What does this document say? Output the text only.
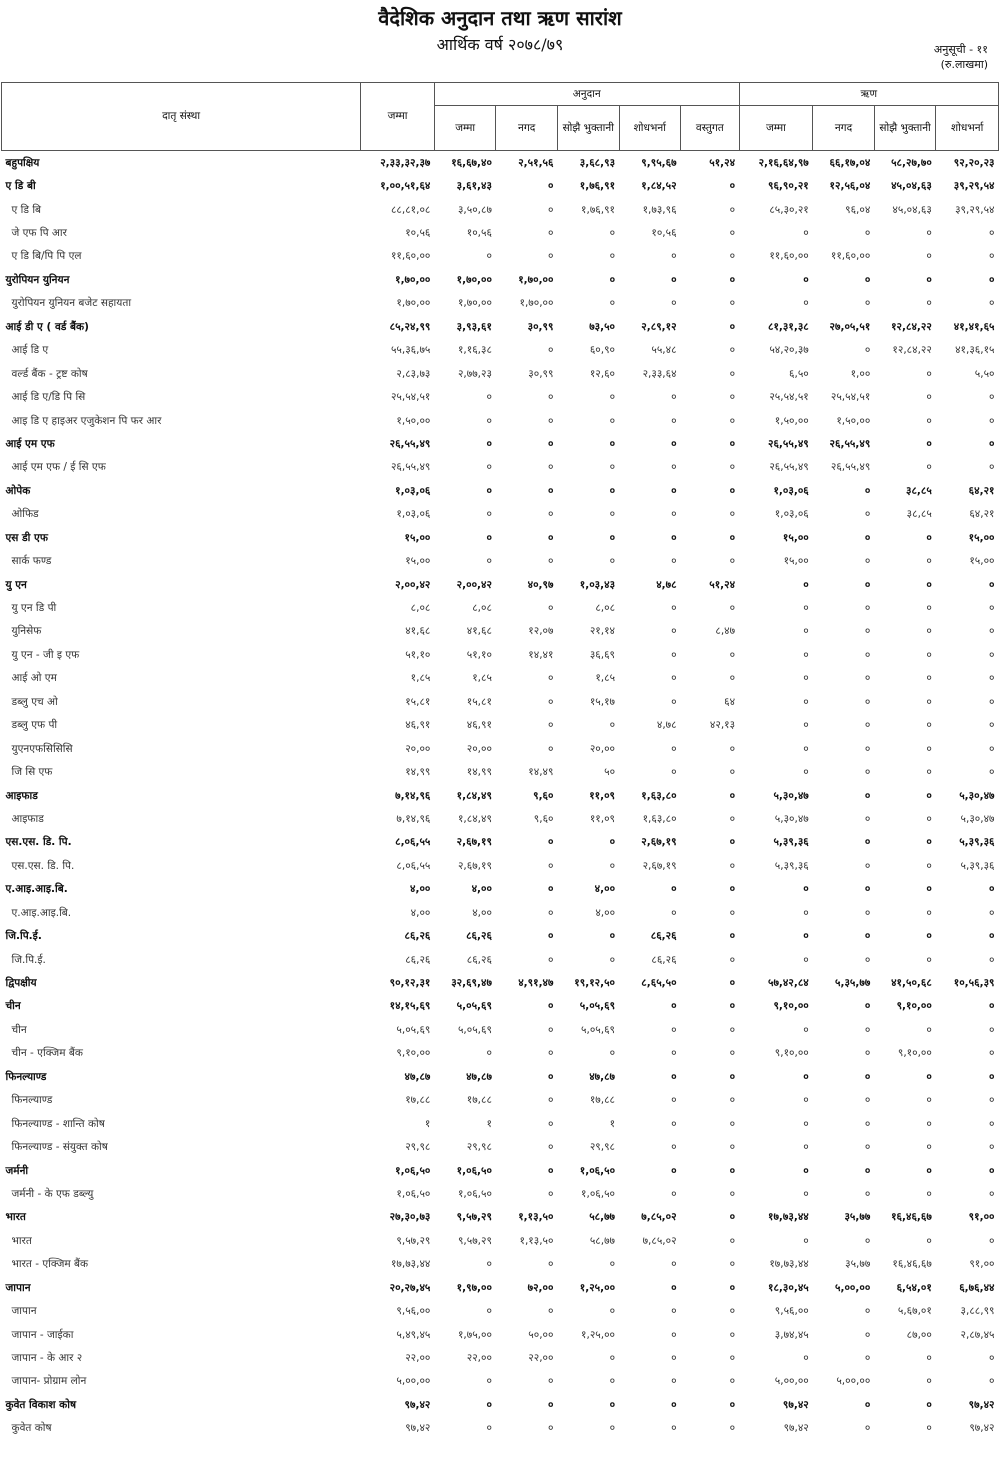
वैदेशिक अनुदान तथा ऋण सारांश
आर्थिक वर्ष २०७८/७९	अनुसूची - ११
(रु.लाखमा)
दातृ संस्था	जम्मा	अनुदान					ऋण			
		जम्मा	नगद	सोझै भुक्तानी	शोधभर्ना	वस्तुगत	जम्मा	नगद	सोझै भुक्तानी	शोधभर्ना
बहुपक्षिय	२,३३,३२,३७	१६,६७,४०	२,५१,५६	३,६८,९३	९,९५,६७	५१,२४	२,१६,६४,९७	६६,१७,०४	५८,२७,७०	९२,२०,२३
ए डि बी	१,००,५१,६४	३,६१,४३	०	१,७६,९१	१,८४,५२	०	९६,९०,२१	१२,५६,०४	४५,०४,६३	३९,२९,५४
ए डि बि	८८,८१,०८	३,५०,८७	०	१,७६,९१	१,७३,९६	०	८५,३०,२१	९६,०४	४५,०४,६३	३९,२९,५४
जे एफ पि आर	१०,५६	१०,५६	०	०	१०,५६	०	०	०	०	०
ए डि बि/पि पि एल	११,६०,००	०	०	०	०	०	११,६०,००	११,६०,००	०	०
युरोपियन युनियन	१,७०,००	१,७०,००	१,७०,००	०	०	०	०	०	०	०
युरोपियन युनियन बजेट सहायता	१,७०,००	१,७०,००	१,७०,००	०	०	०	०	०	०	०
आई डी ए ( वर्ड बैंक)	८५,२४,९९	३,९३,६१	३०,९९	७३,५०	२,८९,१२	०	८१,३१,३८	२७,०५,५१	१२,८४,२२	४१,४१,६५
आई डि ए	५५,३६,७५	१,१६,३८	०	६०,९०	५५,४८	०	५४,२०,३७	०	१२,८४,२२	४१,३६,१५
वर्ल्ड बैंक - ट्रष्ट कोष	२,८३,७३	२,७७,२३	३०,९९	१२,६०	२,३३,६४	०	६,५०	१,००	०	५,५०
आई डि ए/डि पि सि	२५,५४,५१	०	०	०	०	०	२५,५४,५१	२५,५४,५१	०	०
आइ डि ए हाइअर एजुकेशन पि फर आर	१,५०,००	०	०	०	०	०	१,५०,००	१,५०,००	०	०
आई एम एफ	२६,५५,४९	०	०	०	०	०	२६,५५,४९	२६,५५,४९	०	०
आई एम एफ / ई सि एफ	२६,५५,४९	०	०	०	०	०	२६,५५,४९	२६,५५,४९	०	०
ओपेक	१,०३,०६	०	०	०	०	०	१,०३,०६	०	३८,८५	६४,२१
ओफिड	१,०३,०६	०	०	०	०	०	१,०३,०६	०	३८,८५	६४,२१
एस डी एफ	१५,००	०	०	०	०	०	१५,००	०	०	१५,००
सार्क फण्ड	१५,००	०	०	०	०	०	१५,००	०	०	१५,००
यु एन	२,००,४२	२,००,४२	४०,९७	१,०३,४३	४,७८	५१,२४	०	०	०	०
यु एन डि पी	८,०८	८,०८	०	८,०८	०	०	०	०	०	०
युनिसेफ	४१,६८	४१,६८	१२,०७	२१,१४	०	८,४७	०	०	०	०
यु एन - जी इ एफ	५१,१०	५१,१०	१४,४१	३६,६९	०	०	०	०	०	०
आई ओ एम	१,८५	१,८५	०	१,८५	०	०	०	०	०	०
डब्लु एच ओ	१५,८१	१५,८१	०	१५,१७	०	६४	०	०	०	०
डब्लु एफ पी	४६,९१	४६,९१	०	०	४,७८	४२,१३	०	०	०	०
युएनएफसिसिसि	२०,००	२०,००	०	२०,००	०	०	०	०	०	०
जि सि एफ	१४,९९	१४,९९	१४,४९	५०	०	०	०	०	०	०
आइफाड	७,१४,९६	१,८४,४९	९,६०	११,०९	१,६३,८०	०	५,३०,४७	०	०	५,३०,४७
आइफाड	७,१४,९६	१,८४,४९	९,६०	११,०९	१,६३,८०	०	५,३०,४७	०	०	५,३०,४७
एस.एस. डि. पि.	८,०६,५५	२,६७,१९	०	०	२,६७,१९	०	५,३९,३६	०	०	५,३९,३६
एस.एस. डि. पि.	८,०६,५५	२,६७,१९	०	०	२,६७,१९	०	५,३९,३६	०	०	५,३९,३६
ए.आइ.आइ.बि.	४,००	४,००	०	४,००	०	०	०	०	०	०
ए.आइ.आइ.बि.	४,००	४,००	०	४,००	०	०	०	०	०	०
जि.पि.ई.	८६,२६	८६,२६	०	०	८६,२६	०	०	०	०	०
जि.पि.ई.	८६,२६	८६,२६	०	०	८६,२६	०	०	०	०	०
द्विपक्षीय	९०,१२,३१	३२,६९,४७	४,९१,४७	१९,१२,५०	८,६५,५०	०	५७,४२,८४	५,३५,७७	४१,५०,६८	१०,५६,३९
चीन	१४,१५,६९	५,०५,६९	०	५,०५,६९	०	०	९,१०,००	०	९,१०,००	०
चीन	५,०५,६९	५,०५,६९	०	५,०५,६९	०	०	०	०	०	०
चीन - एक्जिम बैंक	९,१०,००	०	०	०	०	०	९,१०,००	०	९,१०,००	०
फिनल्याण्ड	४७,८७	४७,८७	०	४७,८७	०	०	०	०	०	०
फिनल्याण्ड	१७,८८	१७,८८	०	१७,८८	०	०	०	०	०	०
फिनल्याण्ड - शान्ति कोष	१	१	०	१	०	०	०	०	०	०
फिनल्याण्ड - संयुक्त कोष	२९,९८	२९,९८	०	२९,९८	०	०	०	०	०	०
जर्मनी	१,०६,५०	१,०६,५०	०	१,०६,५०	०	०	०	०	०	०
जर्मनी - के एफ डब्ल्यु	१,०६,५०	१,०६,५०	०	१,०६,५०	०	०	०	०	०	०
भारत	२७,३०,७३	९,५७,२९	१,१३,५०	५८,७७	७,८५,०२	०	१७,७३,४४	३५,७७	१६,४६,६७	९१,००
भारत	९,५७,२९	९,५७,२९	१,१३,५०	५८,७७	७,८५,०२	०	०	०	०	०
भारत - एक्जिम बैंक	१७,७३,४४	०	०	०	०	०	१७,७३,४४	३५,७७	१६,४६,६७	९१,००
जापान	२०,२७,४५	१,९७,००	७२,००	१,२५,००	०	०	१८,३०,४५	५,००,००	६,५४,०१	६,७६,४४
जापान	९,५६,००	०	०	०	०	०	९,५६,००	०	५,६७,०१	३,८८,९९
जापान - जाईका	५,४९,४५	१,७५,००	५०,००	१,२५,००	०	०	३,७४,४५	०	८७,००	२,८७,४५
जापान - के आर २	२२,००	२२,००	२२,००	०	०	०	०	०	०	०
जापान- प्रोग्राम लोन	५,००,००	०	०	०	०	०	५,००,००	५,००,००	०	०
कुवेत विकाश कोष	९७,४२	०	०	०	०	०	९७,४२	०	०	९७,४२
कुवेत कोष	९७,४२	०	०	०	०	०	९७,४२	०	०	९७,४२
